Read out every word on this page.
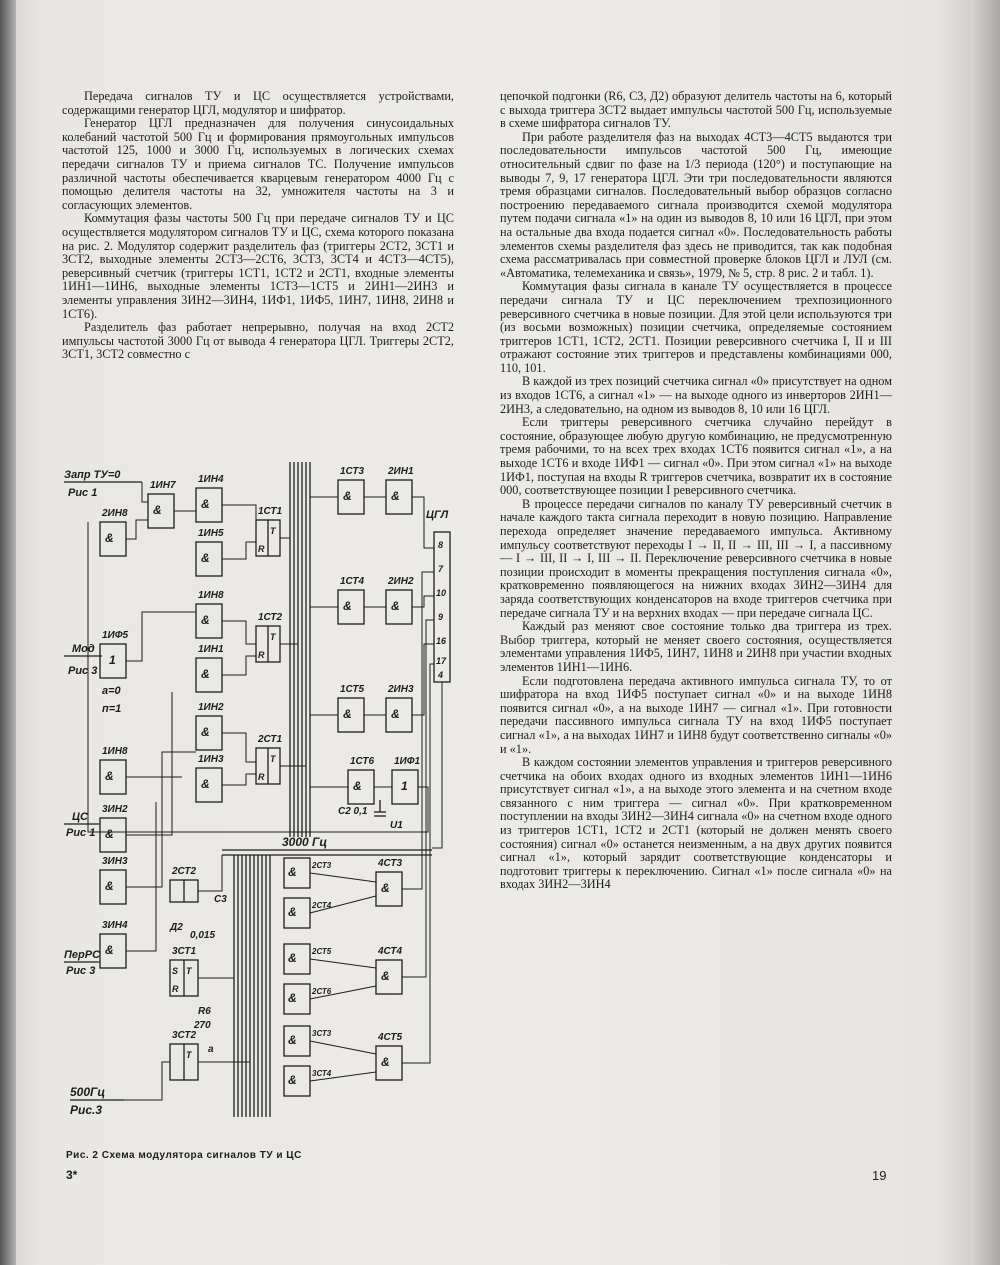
Передача сигналов ТУ и ЦС осуществляется устройствами, содержащими генератор ЦГЛ, модулятор и шифратор.

Генератор ЦГЛ предназначен для получения синусоидальных колебаний частотой 500 Гц и формирования прямоугольных импульсов частотой 125, 1000 и 3000 Гц, используемых в логических схемах передачи сигналов ТУ и приема сигналов ТС. Получение импульсов различной частоты обеспечивается кварцевым генератором 4000 Гц с помощью делителя частоты на 32, умножителя частоты на 3 и согласующих элементов.

Коммутация фазы частоты 500 Гц при передаче сигналов ТУ и ЦС осуществляется модулятором сигналов ТУ и ЦС, схема которого показана на рис. 2. Модулятор содержит разделитель фаз (триггеры 2СТ2, 3СТ1 и 3СТ2, выходные элементы 2СТ3—2СТ6, 3СТ3, 3СТ4 и 4СТ3—4СТ5), реверсивный счетчик (триггеры 1СТ1, 1СТ2 и 2СТ1, входные элементы 1ИН1—1ИН6, выходные элементы 1СТ3—1СТ5 и 2ИН1—2ИН3 и элементы управления 3ИН2—3ИН4, 1ИФ1, 1ИФ5, 1ИН7, 1ИН8, 2ИН8 и 1СТ6).

Разделитель фаз работает непрерывно, получая на вход 2СТ2 импульсы частотой 3000 Гц от вывода 4 генератора ЦГЛ. Триггеры 2СТ2, 3СТ1, 3СТ2 совместно с

цепочкой подгонки (R6, C3, Д2) образуют делитель частоты на 6, который с выхода триггера 3СТ2 выдает импульсы частотой 500 Гц, используемые в схеме шифратора сигналов ТУ.

При работе разделителя фаз на выходах 4СТ3—4СТ5 выдаются три последовательности импульсов частотой 500 Гц, имеющие относительный сдвиг по фазе на 1/3 периода (120°) и поступающие на выводы 7, 9, 17 генератора ЦГЛ. Эти три последовательности являются тремя образцами сигналов. Последовательный выбор образцов согласно построению передаваемого сигнала производится схемой модулятора путем подачи сигнала «1» на один из выводов 8, 10 или 16 ЦГЛ, при этом на остальные два входа подается сигнал «0». Последовательность работы элементов схемы разделителя фаз здесь не приводится, так как подобная схема рассматривалась при совместной проверке блоков ЦГЛ и ЛУЛ (см. «Автоматика, телемеханика и связь», 1979, № 5, стр. 8 рис. 2 и табл. 1).

Коммутация фазы сигнала в канале ТУ осуществляется в процессе передачи сигнала ТУ и ЦС переключением трехпозиционного реверсивного счетчика в новые позиции. Для этой цели используются три (из восьми возможных) позиции счетчика, определяемые состоянием триггеров 1СТ1, 1СТ2, 2СТ1. Позиции реверсивного счетчика I, II и III отражают состояние этих триггеров и представлены комбинациями 000, 110, 101.

В каждой из трех позиций счетчика сигнал «0» присутствует на одном из входов 1СТ6, а сигнал «1» — на выходе одного из инверторов 2ИН1—2ИН3, а следовательно, на одном из выводов 8, 10 или 16 ЦГЛ.

Если триггеры реверсивного счетчика случайно перейдут в состояние, образующее любую другую комбинацию, не предусмотренную тремя рабочими, то на всех трех входах 1СТ6 появится сигнал «1», а на выходе 1СТ6 и входе 1ИФ1 — сигнал «0». При этом сигнал «1» на выходе 1ИФ1, поступая на входы R триггеров счетчика, возвратит их в состояние 000, соответствующее позиции I реверсивного счетчика.

В процессе передачи сигналов по каналу ТУ реверсивный счетчик в начале каждого такта сигнала переходит в новую позицию. Направление перехода определяет значение передаваемого импульса. Активному импульсу соответствуют переходы I → II, II → III, III → I, а пассивному — I → III, II → I, III → II. Переключение реверсивного счетчика в новые позиции происходит в моменты прекращения поступления сигнала «0», кратковременно появляющегося на нижних входах 3ИН2—3ИН4 для заряда соответствующих конденсаторов на входе триггеров счетчика при передаче сигнала ТУ и на верхних входах — при передаче сигнала ЦС.

Каждый раз меняют свое состояние только два триггера из трех. Выбор триггера, который не меняет своего состояния, осуществляется элементами управления 1ИФ5, 1ИН7, 1ИН8 и 2ИН8 при участии входных элементов 1ИН1—1ИН6.

Если подготовлена передача активного импульса сигнала ТУ, то от шифратора на вход 1ИФ5 поступает сигнал «0» и на выходе 1ИН8 появится сигнал «0», а на выходе 1ИН7 — сигнал «1». При готовности передачи пассивного импульса сигнала ТУ на вход 1ИФ5 поступает сигнал «1», а на выходах 1ИН7 и 1ИН8 будут соответственно сигналы «0» и «1».

В каждом состоянии элементов управления и триггеров реверсивного счетчика на обоих входах одного из входных элементов 1ИН1—1ИН6 присутствует сигнал «1», а на выходе этого элемента и на счетном входе связанного с ним триггера — сигнал «0». При кратковременном поступлении на входы 3ИН2—3ИН4 сигнала «0» на счетном входе одного из триггеров 1СТ1, 1СТ2 и 2СТ1 (который не должен менять своего состояния) сигнал «0» останется неизменным, а на двух других появится сигнал «1», который зарядит соответствующие конденсаторы и подготовит триггеры к переключению. Сигнал «1» после сигнала «0» на входах 3ИН2—3ИН4

Запр ТУ=0
Рис 1
Мод
Рис 3
а=0
п=1
ЦС
Рис 1
ПерРС
Рис 3
500Гц
Рис.3
3000 Гц
1ИН7
&
2ИН8
&
1ИН4
&
1ИН5
&
1ИН8
&
1ИН1
&
1ИН2
&
1ИН3
&
1ИФ5
1
1ИН8
&
3ИН2
&
3ИН3
&
3ИН4
&
1СТ1
Т
R
1СТ2
Т
R
2СТ1
Т
R
1СТ3
&
2ИН1
&
1СТ4
&
2ИН2
&
1СТ5
&
2ИН3
&
1СТ6
&
1ИФ1
1
С2 0,1
U1
ЦГЛ
8
7
10
9
16
17
4
2СТ2
С3
Д2
0,015
3СТ1
S Т
R
R6
270
3СТ2
Т а
& 2СТ3
& 2СТ4
& 2СТ5
& 2СТ6
& 3СТ3
& 3СТ4
4СТ3
&
4СТ4
&
4СТ5
&
Рис. 2 Схема модулятора сигналов ТУ и ЦС
3*	19
